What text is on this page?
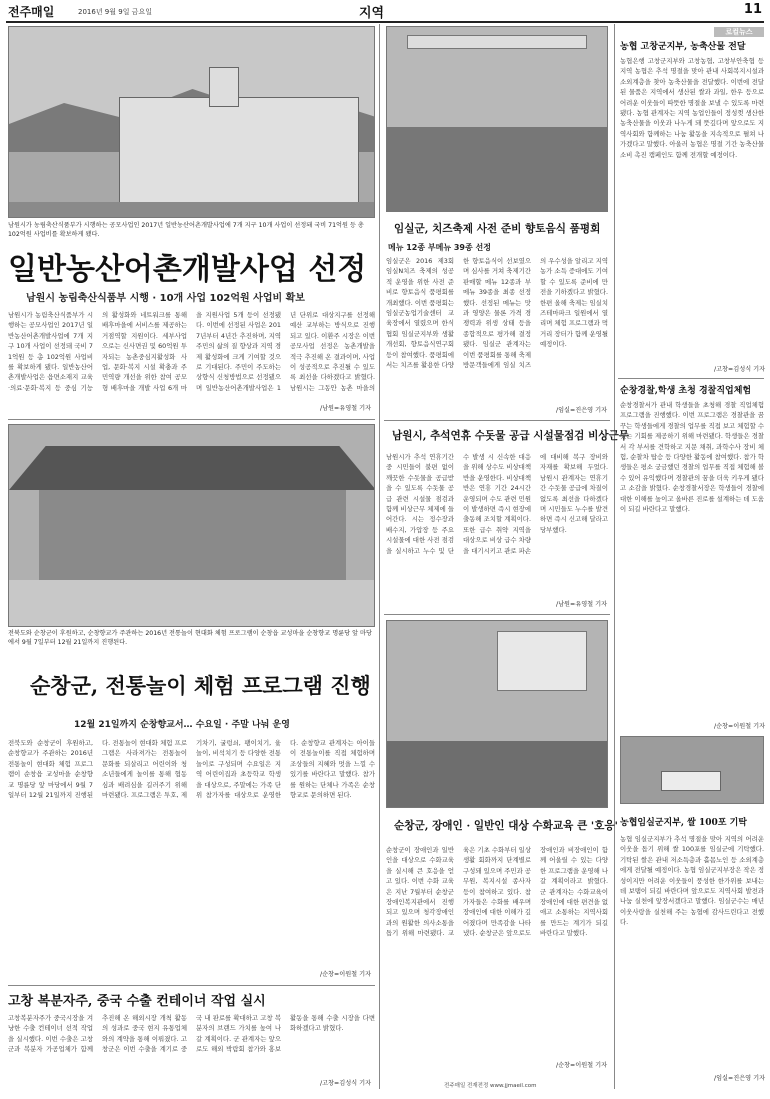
전주매일	2016년 9월 9일 금요일	지역	11
남원시가 농림축산식품부가 시행하는 공모사업인 2017년 일반농산어촌개발사업에 7개 지구 10개 사업이 선정돼 국비 71억원 등 총 102억원 사업비를 확보하게 됐다.
일반농산어촌개발사업 선정
남원시 농림축산식품부 시행 · 10개 사업 102억원 사업비 확보
남원시가 농림축산식품부가 시행하는 공모사업인 2017년 일반농산어촌개발사업에 7개 지구 10개 사업이 선정돼 국비 71억원 등 총 102억원 사업비를 확보하게 됐다. 일반농산어촌개발사업은 읍면소재지 교육·의료·문화·복지 등 중심 기능의 활성화와 네트워크를 통해 배후마을에 서비스를 제공하는 거점역할 지원이다. 세부사업으로는 신사면권 및 60억원 투자되는 농촌중심지활성화 사업, 문화·복지 시설 확충과 주민역량 개선을 위한 참여 공모형 배후마을 개발 사업 6개 마을 지원사업 5개 등이 선정됐다. 이번에 선정된 사업은 2017년부터 4년간 추진하며, 지역주민의 삶의 질 향상과 지역 경제 활성화에 크게 기여할 것으로 기대된다. 주민이 주도하는 상향식 신청방법으로 선정됐으며 일반농산어촌개발사업은 1년 단위로 대상지구를 선정해 예산 교부하는 방식으로 진행되고 있다. 이환주 시장은 이번 공모사업 선정은 농촌개발을 적극 추진해 온 결과이며, 사업이 성공적으로 추진될 수 있도록 최선을 다하겠다고 밝혔다. 남원시는 그동안 농촌 마을의
/남원=유영철 기자
전북도와 순창군이 후원하고, 순창향교가 주관하는 2016년 전통놀이 현대화 체험 프로그램이 순창읍 교성마을 순창향교 명륜당 앞 마당에서 9월 7일부터 12월 21일까지 진행된다.
순창군, 전통놀이 체험 프로그램 진행
12월 21일까지 순창향교서… 수요일 · 주말 나눠 운영
전북도와 순창군이 후원하고, 순창향교가 주관하는 2016년 전통놀이 현대화 체험 프로그램이 순창읍 교성마을 순창향교 명륜당 앞 마당에서 9월 7일부터 12월 21일까지 진행된다. 전통놀이 현대화 체험 프로그램은 사라져가는 전통놀이 문화를 되살리고 어린이와 청소년들에게 놀이를 통해 협동심과 배려심을 길러주기 위해 마련됐다. 프로그램은 투호, 제기차기, 굴렁쇠, 팽이치기, 윷놀이, 비석치기 등 다양한 전통놀이로 구성되며 수요일은 지역 어린이집과 초등학교 학생을 대상으로, 주말에는 가족 단위 참가자를 대상으로 운영한다. 순창향교 관계자는 아이들이 전통놀이를 직접 체험하며 조상들의 지혜와 멋을 느낄 수 있기를 바란다고 말했다. 참가를 원하는 단체나 가족은 순창향교로 문의하면 된다.
/순창=이원철 기자
고창 복분자주, 중국 수출 컨테이너 작업 실시
고창복분자주가 중국시장을 겨냥한 수출 컨테이너 선적 작업을 실시했다. 이번 수출은 고창군과 복분자 가공업체가 함께 추진해 온 해외시장 개척 활동의 성과로 중국 현지 유통업체와의 계약을 통해 이뤄졌다. 고창군은 이번 수출을 계기로 중국 내 판로를 확대하고 고창 복분자의 브랜드 가치를 높여 나갈 계획이다. 군 관계자는 앞으로도 해외 박람회 참가와 홍보 활동을 통해 수출 시장을 다변화하겠다고 밝혔다.
/고창=김성식 기자
임실군, 치즈축제 사전 준비 향토음식 품평회
메뉴 12종 부메뉴 39종 선정
임실군은 2016 제3회 임실N치즈 축제의 성공적 운영을 위한 사전 준비로 향토음식 품평회를 개최했다. 이번 품평회는 임실군농업기술센터 교육장에서 열렸으며 한식협회 임실군지부와 생활개선회, 향토음식연구회 등이 참여했다. 품평회에서는 치즈를 활용한 다양한 향토음식이 선보였으며 심사를 거쳐 축제기간 판매할 메뉴 12종과 부메뉴 39종을 최종 선정했다. 선정된 메뉴는 맛과 영양은 물론 가격 경쟁력과 위생 상태 등을 종합적으로 평가해 결정됐다. 임실군 관계자는 이번 품평회를 통해 축제 방문객들에게 임실 치즈의 우수성을 알리고 지역 농가 소득 증대에도 기여할 수 있도록 준비에 만전을 기하겠다고 밝혔다. 한편 올해 축제는 임실치즈테마파크 일원에서 열리며 체험 프로그램과 먹거리 장터가 함께 운영될 예정이다.
/임실=진은영 기자
남원시, 추석연휴 수돗물 공급 시설물점검 비상근무
남원시가 추석 연휴기간 중 시민들이 불편 없이 깨끗한 수돗물을 공급받을 수 있도록 수돗물 공급 관련 시설물 점검과 함께 비상근무 체제에 들어간다. 시는 정수장과 배수지, 가압장 등 주요 시설물에 대한 사전 점검을 실시하고 누수 및 단수 발생 시 신속한 대응을 위해 상수도 비상대책반을 운영한다. 비상대책반은 연휴 기간 24시간 운영되며 수도 관련 민원이 발생하면 즉시 현장에 출동해 조치할 계획이다. 또한 급수 취약 지역을 대상으로 비상 급수 차량을 대기시키고 관로 파손에 대비해 복구 장비와 자재를 확보해 두었다. 남원시 관계자는 연휴기간 수돗물 공급에 차질이 없도록 최선을 다하겠다며 시민들도 누수를 발견하면 즉시 신고해 달라고 당부했다.
/남원=유영철 기자
순창군, 장애인 · 일반인 대상 수화교육 큰 '호응'
순창군이 장애인과 일반인을 대상으로 수화교육을 실시해 큰 호응을 얻고 있다. 이번 수화 교육은 지난 7월부터 순창군 장애인복지관에서 진행되고 있으며 청각장애인과의 원활한 의사소통을 돕기 위해 마련됐다. 교육은 기초 수화부터 일상생활 회화까지 단계별로 구성돼 있으며 주민과 공무원, 복지시설 종사자 등이 참여하고 있다. 참가자들은 수화를 배우며 장애인에 대한 이해가 깊어졌다며 만족감을 나타냈다. 순창군은 앞으로도 장애인과 비장애인이 함께 어울릴 수 있는 다양한 프로그램을 운영해 나갈 계획이라고 밝혔다. 군 관계자는 수화교육이 장애인에 대한 편견을 없애고 소통하는 지역사회를 만드는 계기가 되길 바란다고 말했다.
/순창=이원철 기자
전주매일 전재전정 www.jjmaeil.com
로컬뉴스
농협 고창군지부, 농축산물 전달
농협은행 고창군지부와 고창농협, 고창부안축협 등 지역 농협은 추석 명절을 맞아 관내 사회복지시설과 소외계층을 찾아 농축산물을 전달했다. 이번에 전달된 물품은 지역에서 생산된 쌀과 과일, 한우 등으로 어려운 이웃들이 따뜻한 명절을 보낼 수 있도록 마련됐다. 농협 관계자는 지역 농업인들이 정성껏 생산한 농축산물을 이웃과 나누게 돼 뜻깊다며 앞으로도 지역사회와 함께하는 나눔 활동을 지속적으로 펼쳐 나가겠다고 말했다. 아울러 농협은 명절 기간 농축산물 소비 촉진 캠페인도 함께 전개할 예정이다.
/고창=김성식 기자
순창경찰,학생 초청 경찰직업체험
순창경찰서가 관내 학생들을 초청해 경찰 직업체험 프로그램을 진행했다. 이번 프로그램은 경찰관을 꿈꾸는 학생들에게 경찰의 업무를 직접 보고 체험할 수 있는 기회를 제공하기 위해 마련됐다. 학생들은 경찰서 각 부서를 견학하고 지문 채취, 과학수사 장비 체험, 순찰차 탑승 등 다양한 활동에 참여했다. 참가 학생들은 평소 궁금했던 경찰의 업무를 직접 체험해 볼 수 있어 유익했다며 경찰관의 꿈을 더욱 키우게 됐다고 소감을 밝혔다. 순창경찰서장은 학생들이 경찰에 대한 이해를 높이고 올바른 진로를 설계하는 데 도움이 되길 바란다고 말했다.
/순창=이원철 기자
농협임실군지부, 쌀 100포 기탁
농협 임실군지부가 추석 명절을 맞아 지역의 어려운 이웃을 돕기 위해 쌀 100포를 임실군에 기탁했다. 기탁된 쌀은 관내 저소득층과 홀몸노인 등 소외계층에게 전달될 예정이다. 농협 임실군지부장은 작은 정성이지만 어려운 이웃들이 풍성한 한가위를 보내는 데 보탬이 되길 바란다며 앞으로도 지역사회 발전과 나눔 실천에 앞장서겠다고 말했다. 임실군수는 매년 이웃사랑을 실천해 주는 농협에 감사드린다고 전했다.
/임실=진은영 기자
